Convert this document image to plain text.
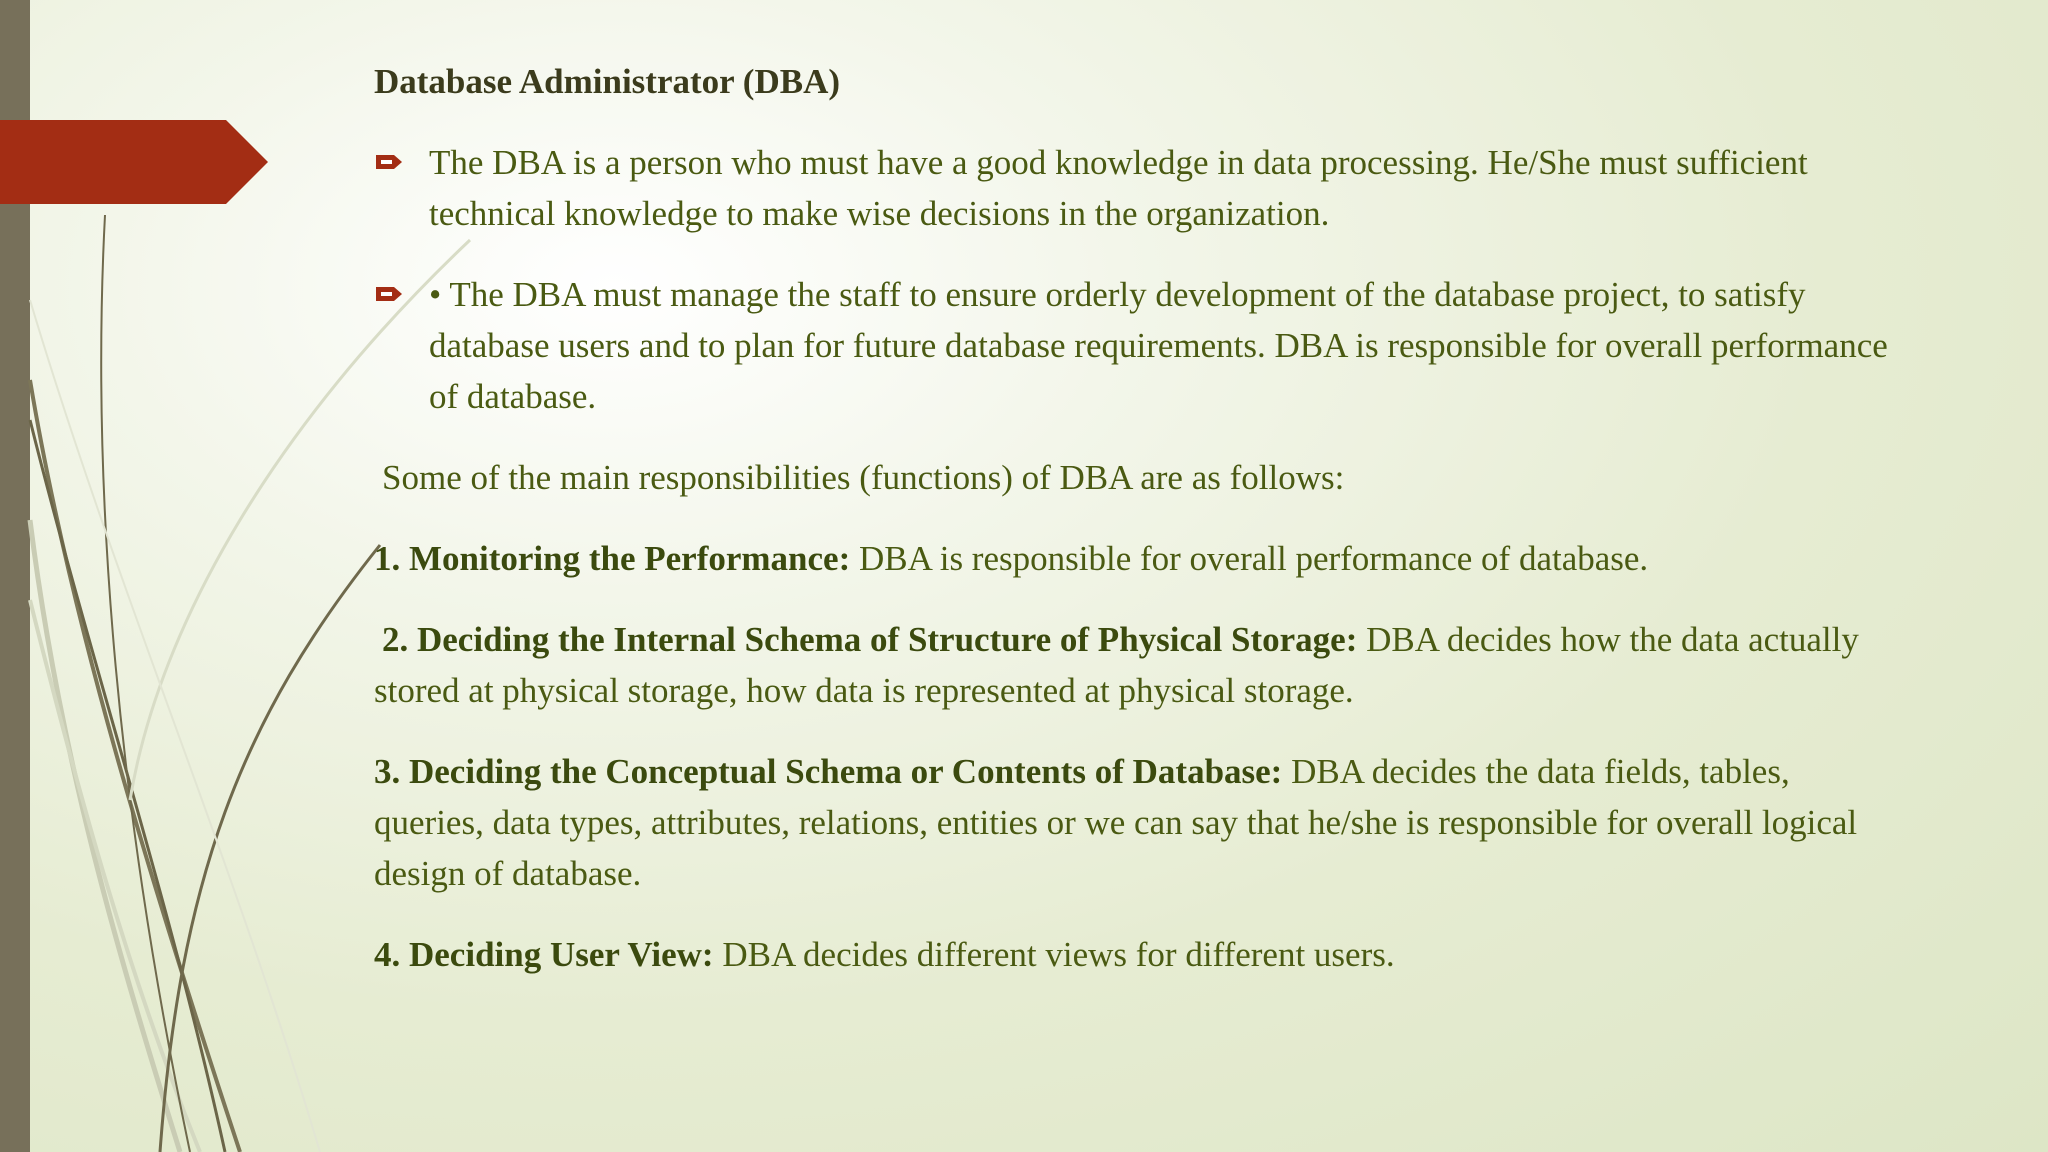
Database Administrator (DBA)
The DBA is a person who must have a good knowledge in data processing. He/She must sufficient technical knowledge to make wise decisions in the organization.
• The DBA must manage the staff to ensure orderly development of the database project, to satisfy database users and to plan for future database requirements. DBA is responsible for overall performance of database.
Some of the main responsibilities (functions) of DBA are as follows:
1. Monitoring the Performance: DBA is responsible for overall performance of database.
2. Deciding the Internal Schema of Structure of Physical Storage: DBA decides how the data actually stored at physical storage, how data is represented at physical storage.
3. Deciding the Conceptual Schema or Contents of Database: DBA decides the data fields, tables, queries, data types, attributes, relations, entities or we can say that he/she is responsible for overall logical design of database.
4. Deciding User View: DBA decides different views for different users.
